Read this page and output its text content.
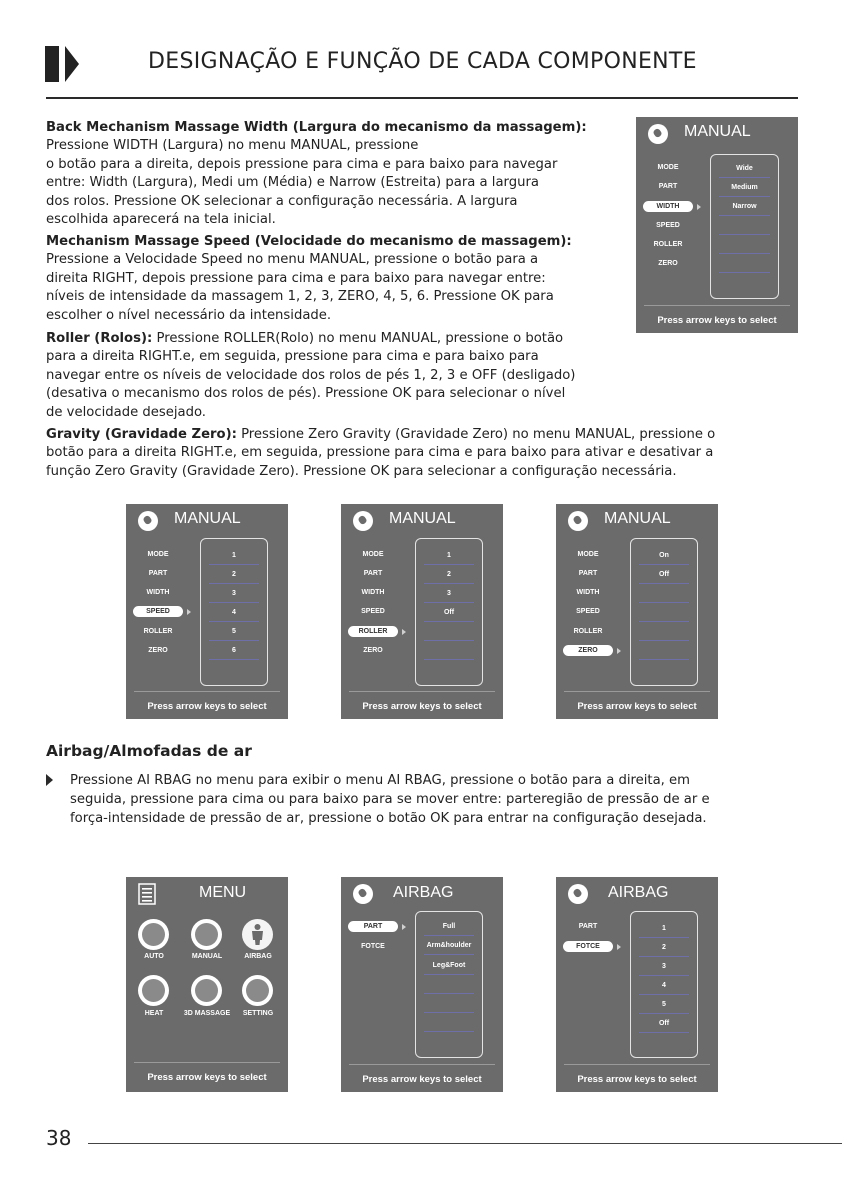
DESIGNAÇÃO E FUNÇÃO DE CADA COMPONENTE
Back Mechanism Massage Width (Largura do mecanismo da massagem):
Pressione WIDTH (Largura) no menu MANUAL, pressione
o botão para a direita, depois pressione para cima e para baixo para navegar
entre: Width (Largura), Medi um (Média) e Narrow (Estreita) para a largura
dos rolos. Pressione OK selecionar a configuração necessária. A largura
escolhida aparecerá na tela inicial.
Mechanism Massage Speed (Velocidade do mecanismo de massagem):
Pressione a Velocidade Speed no menu MANUAL, pressione o botão para a
direita RIGHT, depois pressione para cima e para baixo para navegar entre:
níveis de intensidade da massagem 1, 2, 3, ZERO, 4, 5, 6. Pressione OK para
escolher o nível necessário da intensidade.
Roller (Rolos): Pressione ROLLER(Rolo) no menu MANUAL, pressione o botão
para a direita RIGHT.e, em seguida, pressione para cima e para baixo para
navegar entre os níveis de velocidade dos rolos de pés 1, 2, 3 e OFF (desligado)
(desativa o mecanismo dos rolos de pés). Pressione OK para selecionar o nível
de velocidade desejado.
Gravity (Gravidade Zero): Pressione Zero Gravity (Gravidade Zero) no menu MANUAL, pressione o
botão para a direita RIGHT.e, em seguida, pressione para cima e para baixo para ativar e desativar a
função Zero Gravity (Gravidade Zero). Pressione OK para selecionar a configuração necessária.
MANUAL
MODE
PART
WIDTH
SPEED
ROLLER
ZERO
Wide
Medium
Narrow
Press arrow keys to select
MANUAL
MODE
PART
WIDTH
SPEED
ROLLER
ZERO
1
2
3
4
5
6
Press arrow keys to select
MANUAL
MODE
PART
WIDTH
SPEED
ROLLER
ZERO
1
2
3
Off
Press arrow keys to select
MANUAL
MODE
PART
WIDTH
SPEED
ROLLER
ZERO
On
Off
Press arrow keys to select
Airbag/Almofadas de ar
Pressione AI RBAG no menu para exibir o menu AI RBAG, pressione o botão para a direita, em
seguida, pressione para cima ou para baixo para se mover entre: parteregião de pressão de ar e
força-intensidade de pressão de ar, pressione o botão OK para entrar na configuração desejada.
MENU
AUTO	MANUAL	AIRBAG
HEAT	3D MASSAGE	SETTING
Press arrow keys to select
AIRBAG
PART
FOTCE
Full
Arm&houlder
Leg&Foot
Press arrow keys to select
AIRBAG
PART
FOTCE
1
2
3
4
5
Off
Press arrow keys to select
38
